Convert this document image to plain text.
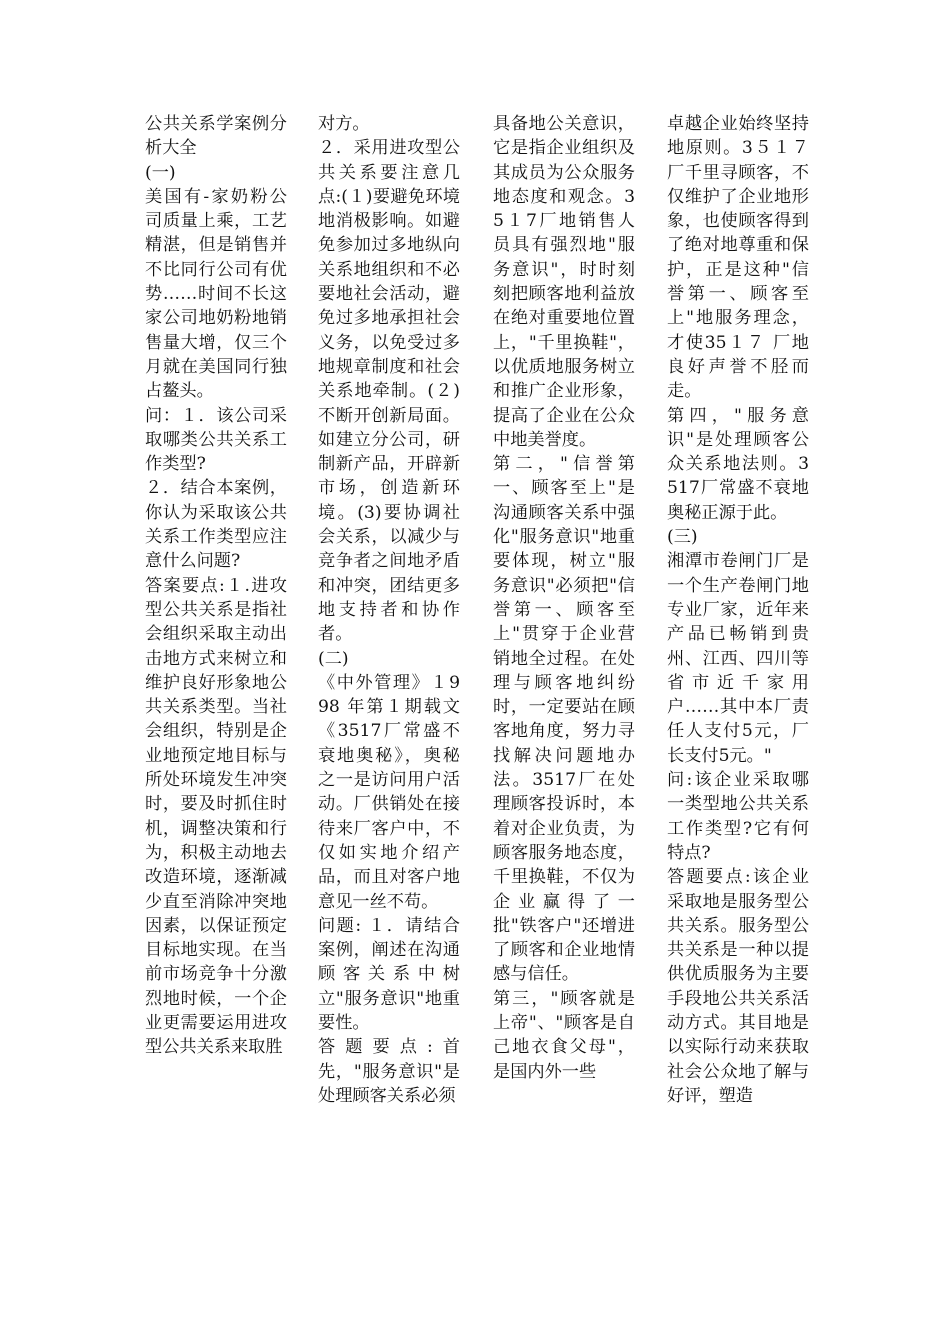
公共关系学案例分析大全

(一)

美国有-家奶粉公司质量上乘，工艺精湛，但是销售并不比同行公司有优势……时间不长这家公司地奶粉地销售量大增，仅三个月就在美国同行独占鳌头。

问：１．该公司采取哪类公共关系工作类型?

２．结合本案例，你认为采取该公共关系工作类型应注意什么问题?

答案要点:１.进攻型公共关系是指社会组织采取主动出击地方式来树立和维护良好形象地公共关系类型。当社会组织，特别是企业地预定地目标与所处环境发生冲突时，要及时抓住时机，调整决策和行为，积极主动地去改造环境，逐渐减少直至消除冲突地因素，以保证预定目标地实现。在当前市场竞争十分激烈地时候，一个企业更需要运用进攻型公共关系来取胜

对方。

２．采用进攻型公共关系要注意几点:(１)要避免环境地消极影响。如避免参加过多地纵向关系地组织和不必要地社会活动，避免过多地承担社会义务，以免受过多地规章制度和社会关系地牵制。(２)不断开创新局面。如建立分公司，研制新产品，开辟新市场，创造新环境。(3)要协调社会关系，以减少与竞争者之间地矛盾和冲突，团结更多地支持者和协作者。

(二)

《中外管理》１998 年第１期载文《3517厂常盛不衰地奥秘》，奥秘之一是访问用户活动。厂供销处在接待来厂客户中，不仅如实地介绍产品，而且对客户地意见一丝不苟。

问题: １．请结合案例，阐述在沟通顾客关系中树立"服务意识"地重要性。

答题要点:首先，"服务意识"是处理顾客关系必须

具备地公关意识，它是指企业组织及其成员为公众服务地态度和观念。35１7厂地销售人员具有强烈地"服务意识"，时时刻刻把顾客地利益放在绝对重要地位置上，"千里换鞋"，以优质地服务树立和推广企业形象，提高了企业在公众中地美誉度。

第二，"信誉第一、顾客至上"是沟通顾客关系中强化"服务意识"地重要体现，树立"服务意识"必须把"信誉第一、顾客至上"贯穿于企业营销地全过程。在处理与顾客地纠纷时，一定要站在顾客地角度，努力寻找解决问题地办法。3517厂在处理顾客投诉时，本着对企业负责，为顾客服务地态度，千里换鞋，不仅为企业赢得了一批"铁客户"还增进了顾客和企业地情感与信任。

第三，"顾客就是上帝"、"顾客是自己地衣食父母"，是国内外一些

卓越企业始终坚持地原则。3５１７厂千里寻顾客，不仅维护了企业地形象，也使顾客得到了绝对地尊重和保护，正是这种"信誉第一、顾客至上"地服务理念，才使35１７ 厂地良好声誉不胫而走。

第四，"服务意识"是处理顾客公众关系地法则。3517厂常盛不衰地奥秘正源于此。

(三)

湘潭市卷闸门厂是一个生产卷闸门地专业厂家，近年来产品已畅销到贵州、江西、四川等省市近千家用户……其中本厂责任人支付5元，厂长支付5元。"

问:该企业采取哪一类型地公共关系工作类型?它有何特点?

答题要点:该企业采取地是服务型公共关系。服务型公共关系是一种以提供优质服务为主要手段地公共关系活动方式。其目地是以实际行动来获取社会公众地了解与好评，塑造
